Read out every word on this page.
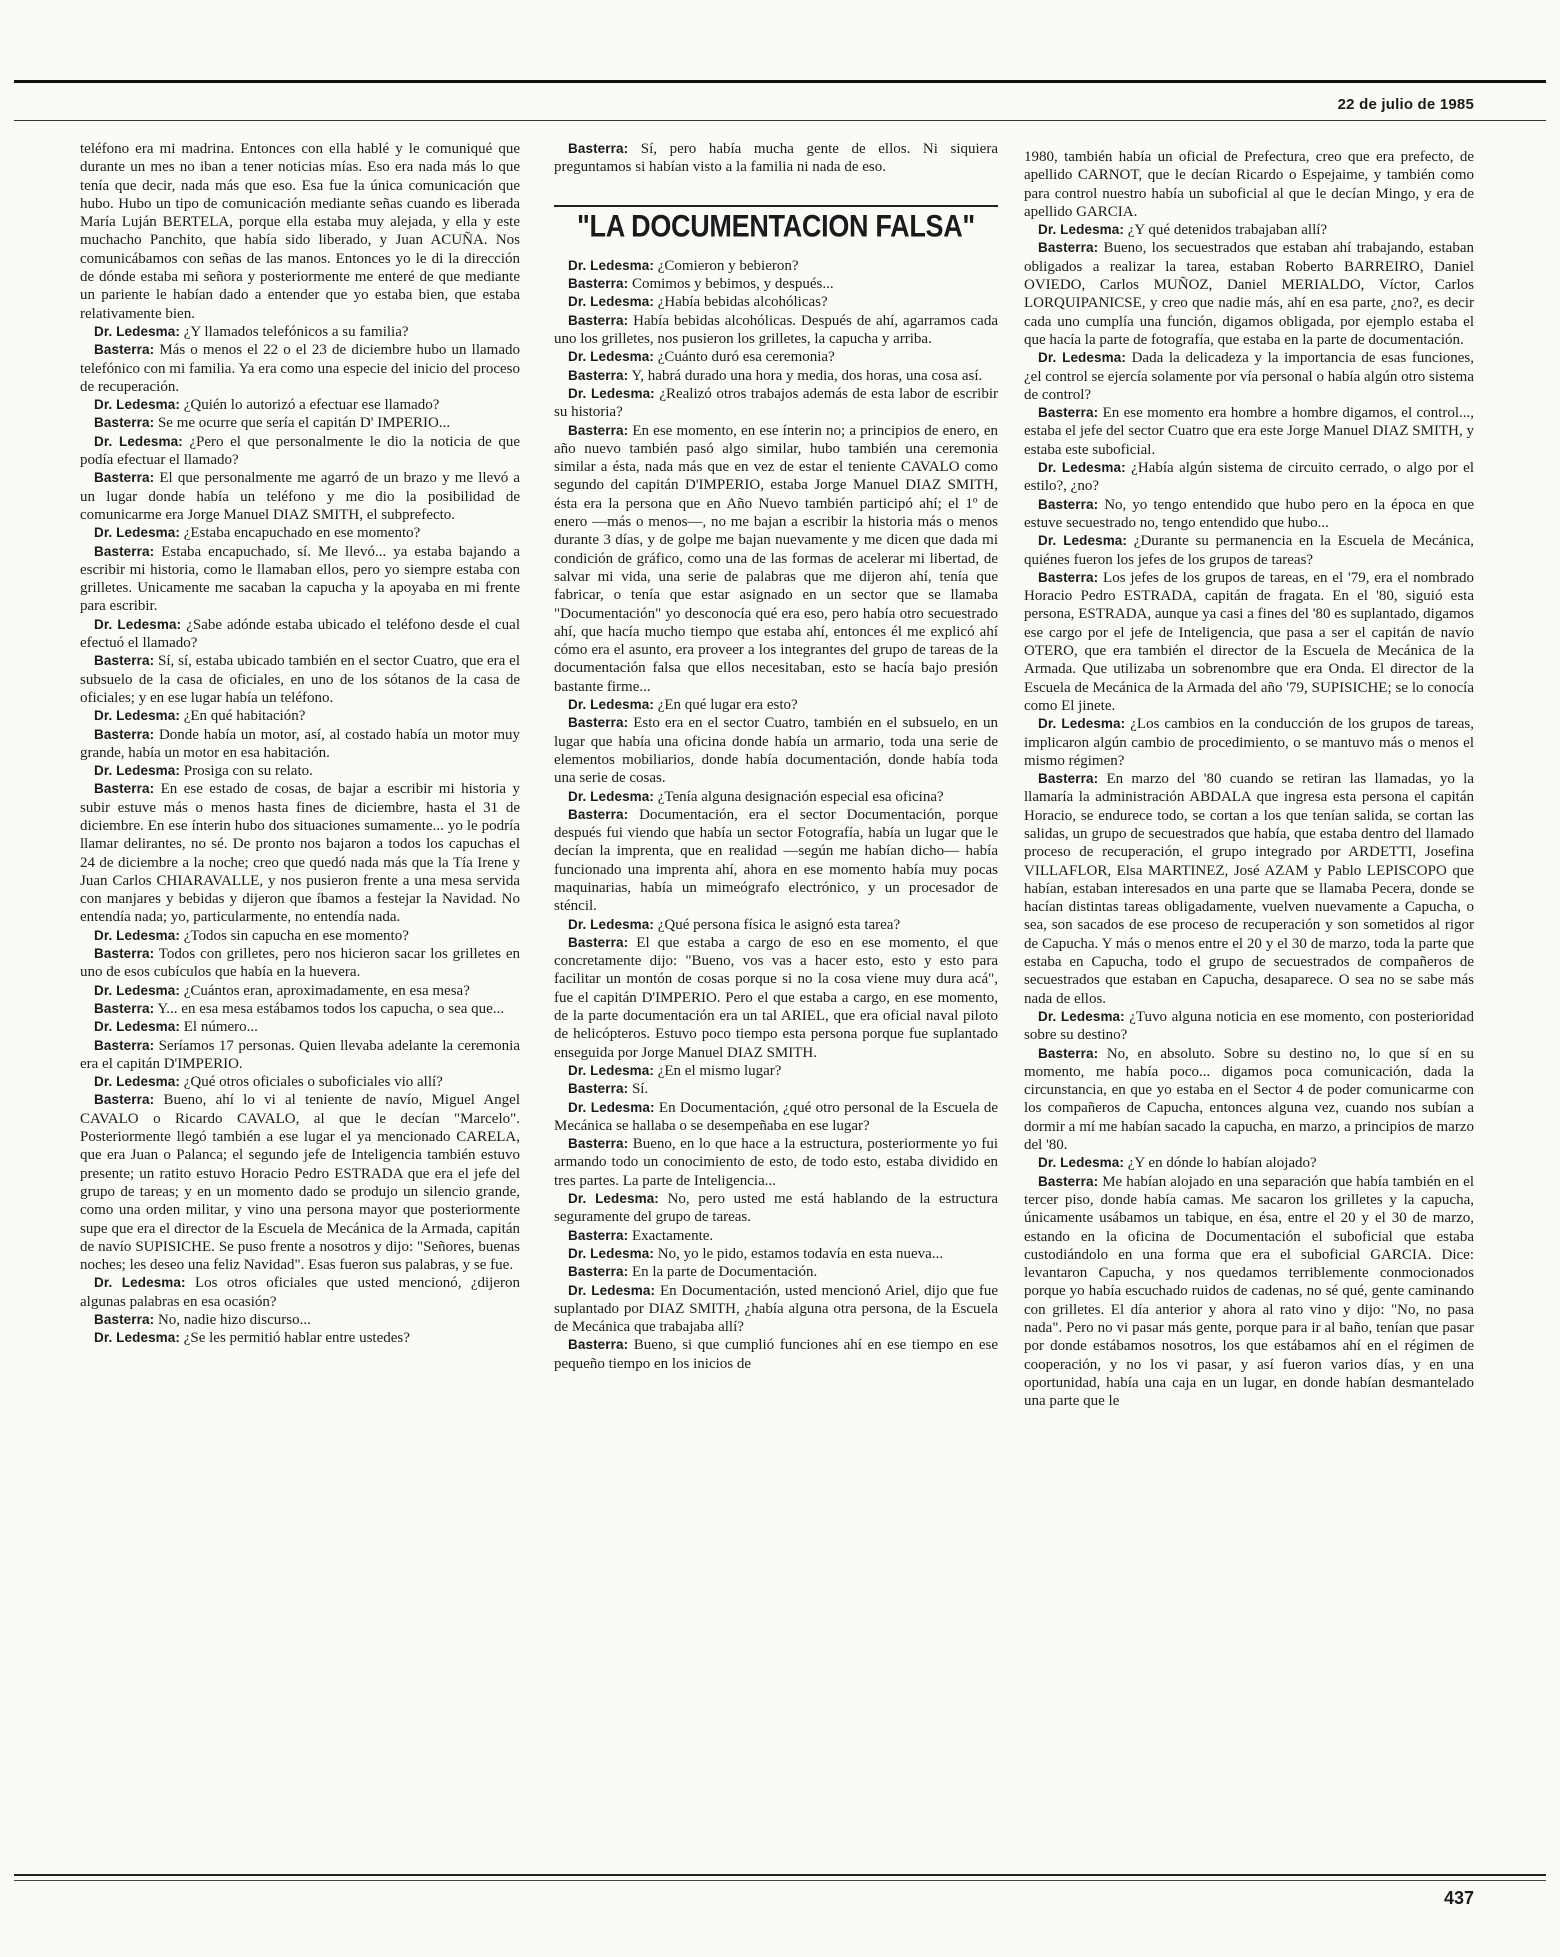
22 de julio de 1985

teléfono era mi madrina. Entonces con ella hablé y le comuniqué que durante un mes no iban a tener noticias mías. Eso era nada más lo que tenía que decir, nada más que eso. Esa fue la única comunicación que hubo. Hubo un tipo de comunicación mediante señas cuando es liberada María Luján BERTELA, porque ella estaba muy alejada, y ella y este muchacho Panchito, que había sido liberado, y Juan ACUÑA. Nos comunicábamos con señas de las manos. Entonces yo le di la dirección de dónde estaba mi señora y posteriormente me enteré de que mediante un pariente le habían dado a entender que yo estaba bien, que estaba relativamente bien.

Dr. Ledesma: ¿Y llamados telefónicos a su familia?

Basterra: Más o menos el 22 o el 23 de diciembre hubo un llamado telefónico con mi familia. Ya era como una especie del inicio del proceso de recuperación.

Dr. Ledesma: ¿Quién lo autorizó a efectuar ese llamado?

Basterra: Se me ocurre que sería el capitán D' IMPERIO...

Dr. Ledesma: ¿Pero el que personalmente le dio la noticia de que podía efectuar el llamado?

Basterra: El que personalmente me agarró de un brazo y me llevó a un lugar donde había un teléfono y me dio la posibilidad de comunicarme era Jorge Manuel DIAZ SMITH, el subprefecto.

Dr. Ledesma: ¿Estaba encapuchado en ese momento?

Basterra: Estaba encapuchado, sí. Me llevó... ya estaba bajando a escribir mi historia, como le llamaban ellos, pero yo siempre estaba con grilletes. Unicamente me sacaban la capucha y la apoyaba en mi frente para escribir.

Dr. Ledesma: ¿Sabe adónde estaba ubicado el teléfono desde el cual efectuó el llamado?

Basterra: Sí, sí, estaba ubicado también en el sector Cuatro, que era el subsuelo de la casa de oficiales, en uno de los sótanos de la casa de oficiales; y en ese lugar había un teléfono.

Dr. Ledesma: ¿En qué habitación?

Basterra: Donde había un motor, así, al costado había un motor muy grande, había un motor en esa habitación.

Dr. Ledesma: Prosiga con su relato.

Basterra: En ese estado de cosas, de bajar a escribir mi historia y subir estuve más o menos hasta fines de diciembre, hasta el 31 de diciembre. En ese ínterin hubo dos situaciones sumamente... yo le podría llamar delirantes, no sé. De pronto nos bajaron a todos los capuchas el 24 de diciembre a la noche; creo que quedó nada más que la Tía Irene y Juan Carlos CHIARAVALLE, y nos pusieron frente a una mesa servida con manjares y bebidas y dijeron que íbamos a festejar la Navidad. No entendía nada; yo, particularmente, no entendía nada.

Dr. Ledesma: ¿Todos sin capucha en ese momento?

Basterra: Todos con grilletes, pero nos hicieron sacar los grilletes en uno de esos cubículos que había en la huevera.

Dr. Ledesma: ¿Cuántos eran, aproximadamente, en esa mesa?

Basterra: Y... en esa mesa estábamos todos los capucha, o sea que...

Dr. Ledesma: El número...

Basterra: Seríamos 17 personas. Quien llevaba adelante la ceremonia era el capitán D'IMPERIO.

Dr. Ledesma: ¿Qué otros oficiales o suboficiales vio allí?

Basterra: Bueno, ahí lo vi al teniente de navío, Miguel Angel CAVALO o Ricardo CAVALO, al que le decían "Marcelo". Posteriormente llegó también a ese lugar el ya mencionado CARELA, que era Juan o Palanca; el segundo jefe de Inteligencia también estuvo presente; un ratito estuvo Horacio Pedro ESTRADA que era el jefe del grupo de tareas; y en un momento dado se produjo un silencio grande, como una orden militar, y vino una persona mayor que posteriormente supe que era el director de la Escuela de Mecánica de la Armada, capitán de navío SUPISICHE. Se puso frente a nosotros y dijo: "Señores, buenas noches; les deseo una feliz Navidad". Esas fueron sus palabras, y se fue.

Dr. Ledesma: Los otros oficiales que usted mencionó, ¿dijeron algunas palabras en esa ocasión?

Basterra: No, nadie hizo discurso...

Dr. Ledesma: ¿Se les permitió hablar entre ustedes?

Basterra: Sí, pero había mucha gente de ellos. Ni siquiera preguntamos si habían visto a la familia ni nada de eso.

"LA DOCUMENTACION FALSA"

Dr. Ledesma: ¿Comieron y bebieron?

Basterra: Comimos y bebimos, y después...

Dr. Ledesma: ¿Había bebidas alcohólicas?

Basterra: Había bebidas alcohólicas. Después de ahí, agarramos cada uno los grilletes, nos pusieron los grilletes, la capucha y arriba.

Dr. Ledesma: ¿Cuánto duró esa ceremonia?

Basterra: Y, habrá durado una hora y media, dos horas, una cosa así.

Dr. Ledesma: ¿Realizó otros trabajos además de esta labor de escribir su historia?

Basterra: En ese momento, en ese ínterin no; a principios de enero, en año nuevo también pasó algo similar, hubo también una ceremonia similar a ésta, nada más que en vez de estar el teniente CAVALO como segundo del capitán D'IMPERIO, estaba Jorge Manuel DIAZ SMITH, ésta era la persona que en Año Nuevo también participó ahí; el 1º de enero —más o menos—, no me bajan a escribir la historia más o menos durante 3 días, y de golpe me bajan nuevamente y me dicen que dada mi condición de gráfico, como una de las formas de acelerar mi libertad, de salvar mi vida, una serie de palabras que me dijeron ahí, tenía que fabricar, o tenía que estar asignado en un sector que se llamaba "Documentación" yo desconocía qué era eso, pero había otro secuestrado ahí, que hacía mucho tiempo que estaba ahí, entonces él me explicó ahí cómo era el asunto, era proveer a los integrantes del grupo de tareas de la documentación falsa que ellos necesitaban, esto se hacía bajo presión bastante firme...

Dr. Ledesma: ¿En qué lugar era esto?

Basterra: Esto era en el sector Cuatro, también en el subsuelo, en un lugar que había una oficina donde había un armario, toda una serie de elementos mobiliarios, donde había documentación, donde había toda una serie de cosas.

Dr. Ledesma: ¿Tenía alguna designación especial esa oficina?

Basterra: Documentación, era el sector Documentación, porque después fui viendo que había un sector Fotografía, había un lugar que le decían la imprenta, que en realidad —según me habían dicho— había funcionado una imprenta ahí, ahora en ese momento había muy pocas maquinarias, había un mimeógrafo electrónico, y un procesador de sténcil.

Dr. Ledesma: ¿Qué persona física le asignó esta tarea?

Basterra: El que estaba a cargo de eso en ese momento, el que concretamente dijo: "Bueno, vos vas a hacer esto, esto y esto para facilitar un montón de cosas porque si no la cosa viene muy dura acá", fue el capitán D'IMPERIO. Pero el que estaba a cargo, en ese momento, de la parte documentación era un tal ARIEL, que era oficial naval piloto de helicópteros. Estuvo poco tiempo esta persona porque fue suplantado enseguida por Jorge Manuel DIAZ SMITH.

Dr. Ledesma: ¿En el mismo lugar?

Basterra: Sí.

Dr. Ledesma: En Documentación, ¿qué otro personal de la Escuela de Mecánica se hallaba o se desempeñaba en ese lugar?

Basterra: Bueno, en lo que hace a la estructura, posteriormente yo fui armando todo un conocimiento de esto, de todo esto, estaba dividido en tres partes. La parte de Inteligencia...

Dr. Ledesma: No, pero usted me está hablando de la estructura seguramente del grupo de tareas.

Basterra: Exactamente.

Dr. Ledesma: No, yo le pido, estamos todavía en esta nueva...

Basterra: En la parte de Documentación.

Dr. Ledesma: En Documentación, usted mencionó Ariel, dijo que fue suplantado por DIAZ SMITH, ¿había alguna otra persona, de la Escuela de Mecánica que trabajaba allí?

Basterra: Bueno, si que cumplió funciones ahí en ese tiempo en ese pequeño tiempo en los inicios de

1980, también había un oficial de Prefectura, creo que era prefecto, de apellido CARNOT, que le decían Ricardo o Espejaime, y también como para control nuestro había un suboficial al que le decían Mingo, y era de apellido GARCIA.

Dr. Ledesma: ¿Y qué detenidos trabajaban allí?

Basterra: Bueno, los secuestrados que estaban ahí trabajando, estaban obligados a realizar la tarea, estaban Roberto BARREIRO, Daniel OVIEDO, Carlos MUÑOZ, Daniel MERIALDO, Víctor, Carlos LORQUIPANICSE, y creo que nadie más, ahí en esa parte, ¿no?, es decir cada uno cumplía una función, digamos obligada, por ejemplo estaba el que hacía la parte de fotografía, que estaba en la parte de documentación.

Dr. Ledesma: Dada la delicadeza y la importancia de esas funciones, ¿el control se ejercía solamente por vía personal o había algún otro sistema de control?

Basterra: En ese momento era hombre a hombre digamos, el control..., estaba el jefe del sector Cuatro que era este Jorge Manuel DIAZ SMITH, y estaba este suboficial.

Dr. Ledesma: ¿Había algún sistema de circuito cerrado, o algo por el estilo?, ¿no?

Basterra: No, yo tengo entendido que hubo pero en la época en que estuve secuestrado no, tengo entendido que hubo...

Dr. Ledesma: ¿Durante su permanencia en la Escuela de Mecánica, quiénes fueron los jefes de los grupos de tareas?

Basterra: Los jefes de los grupos de tareas, en el '79, era el nombrado Horacio Pedro ESTRADA, capitán de fragata. En el '80, siguió esta persona, ESTRADA, aunque ya casi a fines del '80 es suplantado, digamos ese cargo por el jefe de Inteligencia, que pasa a ser el capitán de navío OTERO, que era también el director de la Escuela de Mecánica de la Armada. Que utilizaba un sobrenombre que era Onda. El director de la Escuela de Mecánica de la Armada del año '79, SUPISICHE; se lo conocía como El jinete.

Dr. Ledesma: ¿Los cambios en la conducción de los grupos de tareas, implicaron algún cambio de procedimiento, o se mantuvo más o menos el mismo régimen?

Basterra: En marzo del '80 cuando se retiran las llamadas, yo la llamaría la administración ABDALA que ingresa esta persona el capitán Horacio, se endurece todo, se cortan a los que tenían salida, se cortan las salidas, un grupo de secuestrados que había, que estaba dentro del llamado proceso de recuperación, el grupo integrado por ARDETTI, Josefina VILLAFLOR, Elsa MARTINEZ, José AZAM y Pablo LEPISCOPO que habían, estaban interesados en una parte que se llamaba Pecera, donde se hacían distintas tareas obligadamente, vuelven nuevamente a Capucha, o sea, son sacados de ese proceso de recuperación y son sometidos al rigor de Capucha. Y más o menos entre el 20 y el 30 de marzo, toda la parte que estaba en Capucha, todo el grupo de secuestrados de compañeros de secuestrados que estaban en Capucha, desaparece. O sea no se sabe más nada de ellos.

Dr. Ledesma: ¿Tuvo alguna noticia en ese momento, con posterioridad sobre su destino?

Basterra: No, en absoluto. Sobre su destino no, lo que sí en su momento, me había poco... digamos poca comunicación, dada la circunstancia, en que yo estaba en el Sector 4 de poder comunicarme con los compañeros de Capucha, entonces alguna vez, cuando nos subían a dormir a mí me habían sacado la capucha, en marzo, a principios de marzo del '80.

Dr. Ledesma: ¿Y en dónde lo habían alojado?

Basterra: Me habían alojado en una separación que había también en el tercer piso, donde había camas. Me sacaron los grilletes y la capucha, únicamente usábamos un tabique, en ésa, entre el 20 y el 30 de marzo, estando en la oficina de Documentación el suboficial que estaba custodiándolo en una forma que era el suboficial GARCIA. Dice: levantaron Capucha, y nos quedamos terriblemente conmocionados porque yo había escuchado ruidos de cadenas, no sé qué, gente caminando con grilletes. El día anterior y ahora al rato vino y dijo: "No, no pasa nada". Pero no vi pasar más gente, porque para ir al baño, tenían que pasar por donde estábamos nosotros, los que estábamos ahí en el régimen de cooperación, y no los vi pasar, y así fueron varios días, y en una oportunidad, había una caja en un lugar, en donde habían desmantelado una parte que le

437
